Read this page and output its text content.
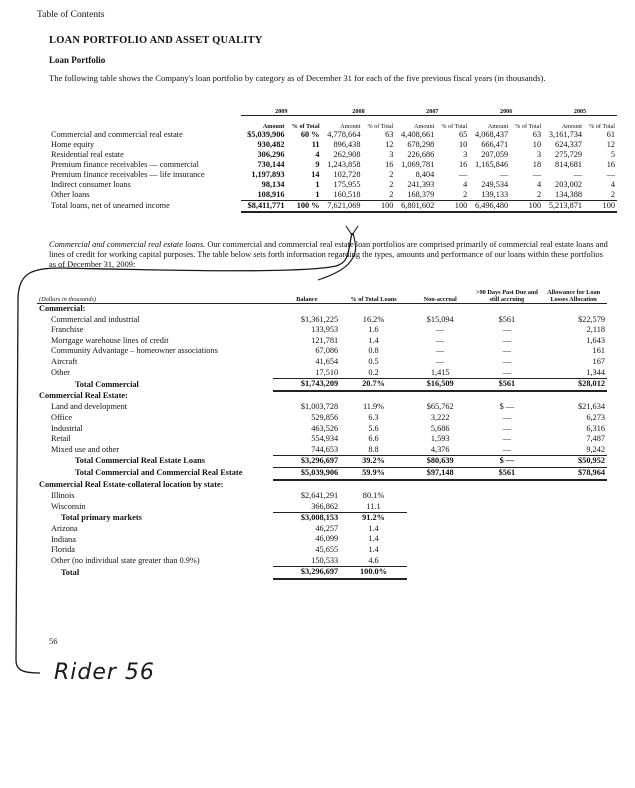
Table of Contents
LOAN PORTFOLIO AND ASSET QUALITY
Loan Portfolio
The following table shows the Company's loan portfolio by category as of December 31 for each of the five previous fiscal years (in thousands).
	2009		2008		2007		2006		2005	
	Amount	% of Total	Amount	% of Total	Amount	% of Total	Amount	% of Total	Amount	% of Total
Commercial and commercial real estate	$5,039,906	60 %	4,778,664	63	4,408,661	65	4,068,437	63	3,161,734	61
Home equity	930,482	11	896,438	12	678,298	10	666,471	10	624,337	12
Residential real estate	306,296	4	262,908	3	226,686	3	207,059	3	275,729	5
Premium finance receivables — commercial	730,144	9	1,243,858	16	1,069,781	16	1,165,846	18	814,681	16
Premium finance receivables — life insurance	1,197,893	14	102,728	2	8,404	—	—	—	—	—
Indirect consumer loans	98,134	1	175,955	2	241,393	4	249,534	4	203,002	4
Other loans	108,916	1	160,518	2	168,379	2	139,133	2	134,388	2
Total loans, net of unearned income	$8,411,771	100 %	7,621,069	100	6,801,602	100	6,496,480	100	5,213,871	100
Commercial and commercial real estate loans. Our commercial and commercial real estate loan portfolios are comprised primarily of commercial real estate loans and lines of credit for working capital purposes. The table below sets forth information regarding the types, amounts and performance of our loans within these portfolios as of December 31, 2009:
(Dollars in thousands)	Balance	% of Total Loans	Non-accrual	>90 Days Past Due and still accruing	Allowance for Loan Losses Allocation
Commercial:					
Commercial and industrial	$1,361,225	16.2%	$15,094	$561	$22,579
Franchise	133,953	1.6	—	—	2,118
Mortgage warehouse lines of credit	121,781	1.4	—	—	1,643
Community Advantage – homeowner associations	67,086	0.8	—	—	161
Aircraft	41,654	0.5	—	—	167
Other	17,510	0.2	1,415	—	1,344
Total Commercial	$1,743,209	20.7%	$16,509	$561	$28,012
Commercial Real Estate:					
Land and development	$1,003,728	11.9%	$65,762	$ —	$21,634
Office	529,856	6.3	3,222	—	6,273
Industrial	463,526	5.6	5,686	—	6,316
Retail	554,934	6.6	1,593	—	7,487
Mixed use and other	744,653	8.8	4,376	—	9,242
Total Commercial Real Estate Loans	$3,296,697	39.2%	$80,639	$ —	$50,952
Total Commercial and Commercial Real Estate	$5,039,906	59.9%	$97,148	$561	$78,964
Commercial Real Estate-collateral location by state:					
Illinois	$2,641,291	80.1%			
Wisconsin	366,862	11.1			
Total primary markets	$3,008,153	91.2%			
Arizona	46,257	1.4			
Indiana	46,099	1.4			
Florida	45,655	1.4			
Other (no individual state greater than 0.9%)	150,533	4.6			
Total	$3,296,697	100.0%			
56
Rider 56
